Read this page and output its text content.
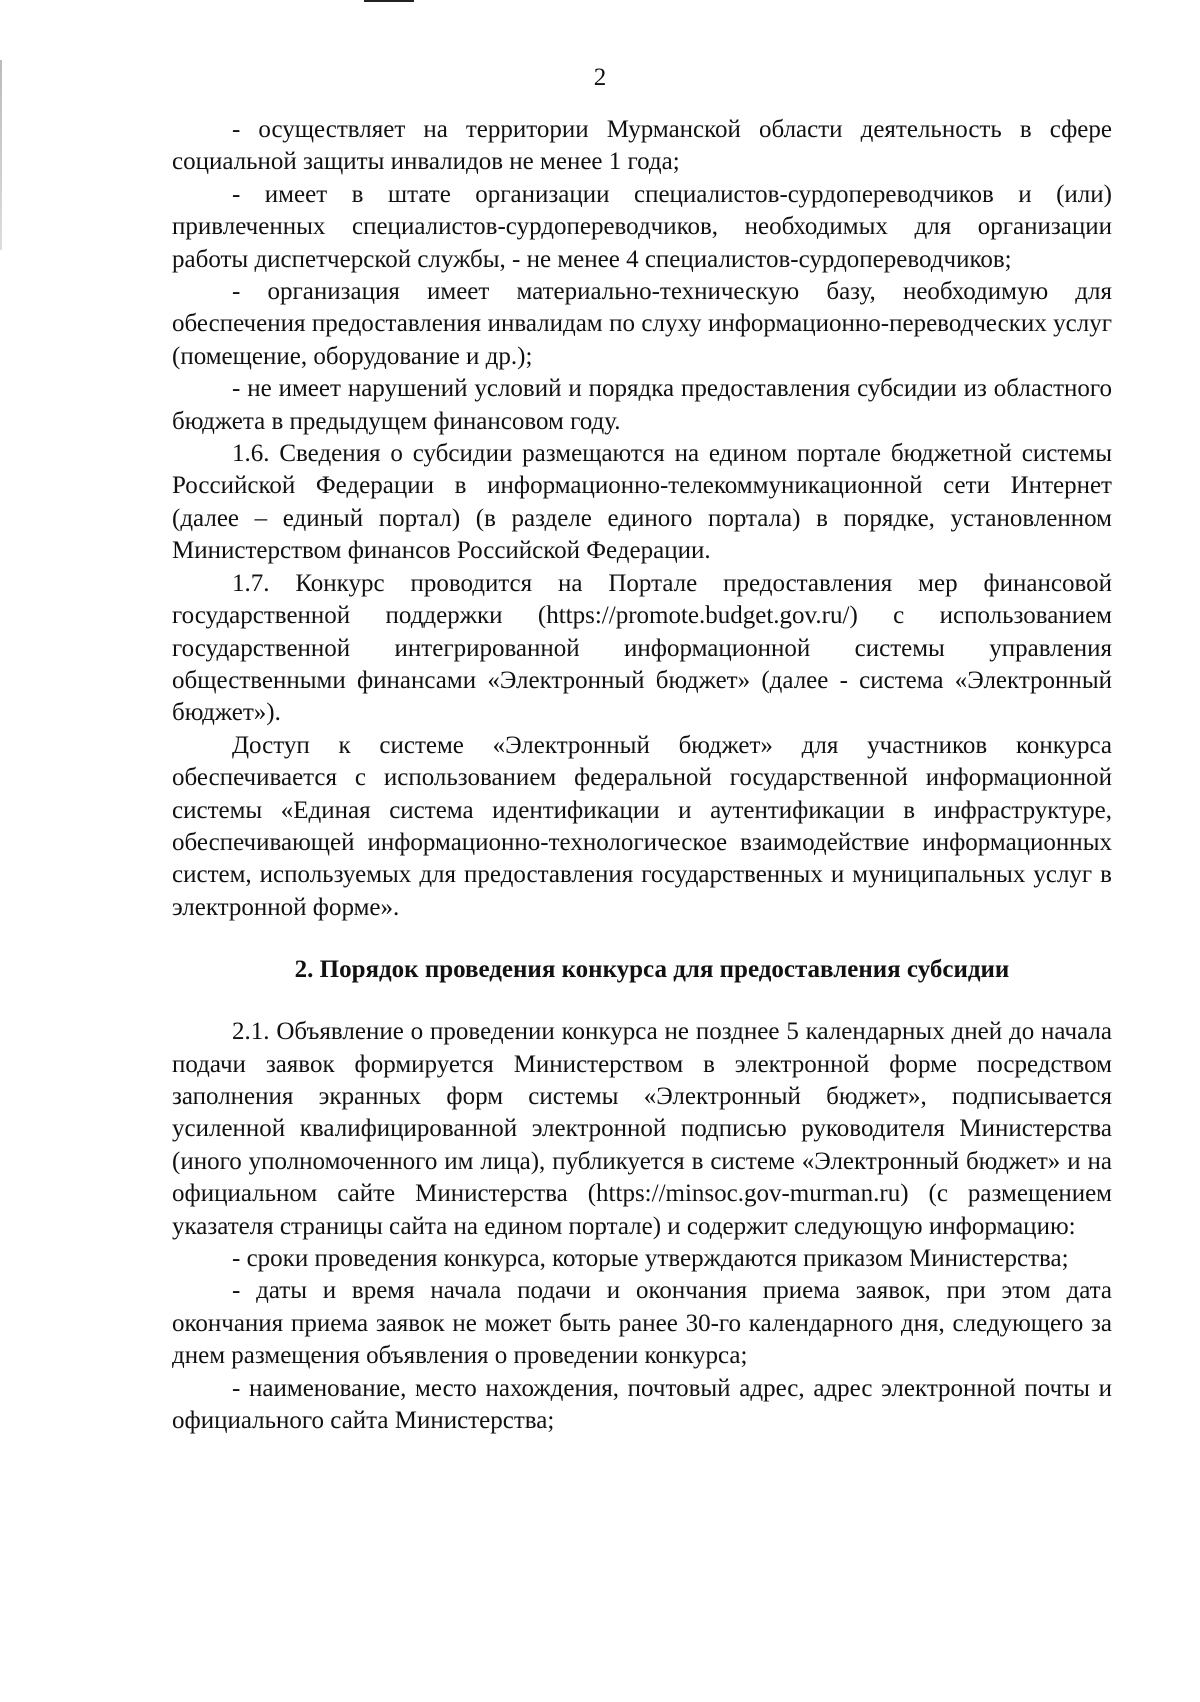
2

- осуществляет на территории Мурманской области деятельность в сфере социальной защиты инвалидов не менее 1 года;

- имеет в штате организации специалистов-сурдопереводчиков и (или) привлеченных специалистов-сурдопереводчиков, необходимых для организации работы диспетчерской службы, - не менее 4 специалистов-сурдопереводчиков;

- организация имеет материально-техническую базу, необходимую для обеспечения предоставления инвалидам по слуху информационно-переводческих услуг (помещение, оборудование и др.);

- не имеет нарушений условий и порядка предоставления субсидии из областного бюджета в предыдущем финансовом году.

1.6. Сведения о субсидии размещаются на едином портале бюджетной системы Российской Федерации в информационно-телекоммуникационной сети Интернет (далее – единый портал) (в разделе единого портала) в порядке, установленном Министерством финансов Российской Федерации.

1.7. Конкурс проводится на Портале предоставления мер финансовой государственной поддержки (https://promote.budget.gov.ru/) с использованием государственной интегрированной информационной системы управления общественными финансами «Электронный бюджет» (далее - система «Электронный бюджет»).

Доступ к системе «Электронный бюджет» для участников конкурса обеспечивается с использованием федеральной государственной информационной системы «Единая система идентификации и аутентификации в инфраструктуре, обеспечивающей информационно-технологическое взаимодействие информационных систем, используемых для предоставления государственных и муниципальных услуг в электронной форме».

2. Порядок проведения конкурса для предоставления субсидии

2.1. Объявление о проведении конкурса не позднее 5 календарных дней до начала подачи заявок формируется Министерством в электронной форме посредством заполнения экранных форм системы «Электронный бюджет», подписывается усиленной квалифицированной электронной подписью руководителя Министерства (иного уполномоченного им лица), публикуется в системе «Электронный бюджет» и на официальном сайте Министерства (https://minsoc.gov-murman.ru) (с размещением указателя страницы сайта на едином портале) и содержит следующую информацию:

- сроки проведения конкурса, которые утверждаются приказом Министерства;

- даты и время начала подачи и окончания приема заявок, при этом дата окончания приема заявок не может быть ранее 30-го календарного дня, следующего за днем размещения объявления о проведении конкурса;

- наименование, место нахождения, почтовый адрес, адрес электронной почты и официального сайта Министерства;
